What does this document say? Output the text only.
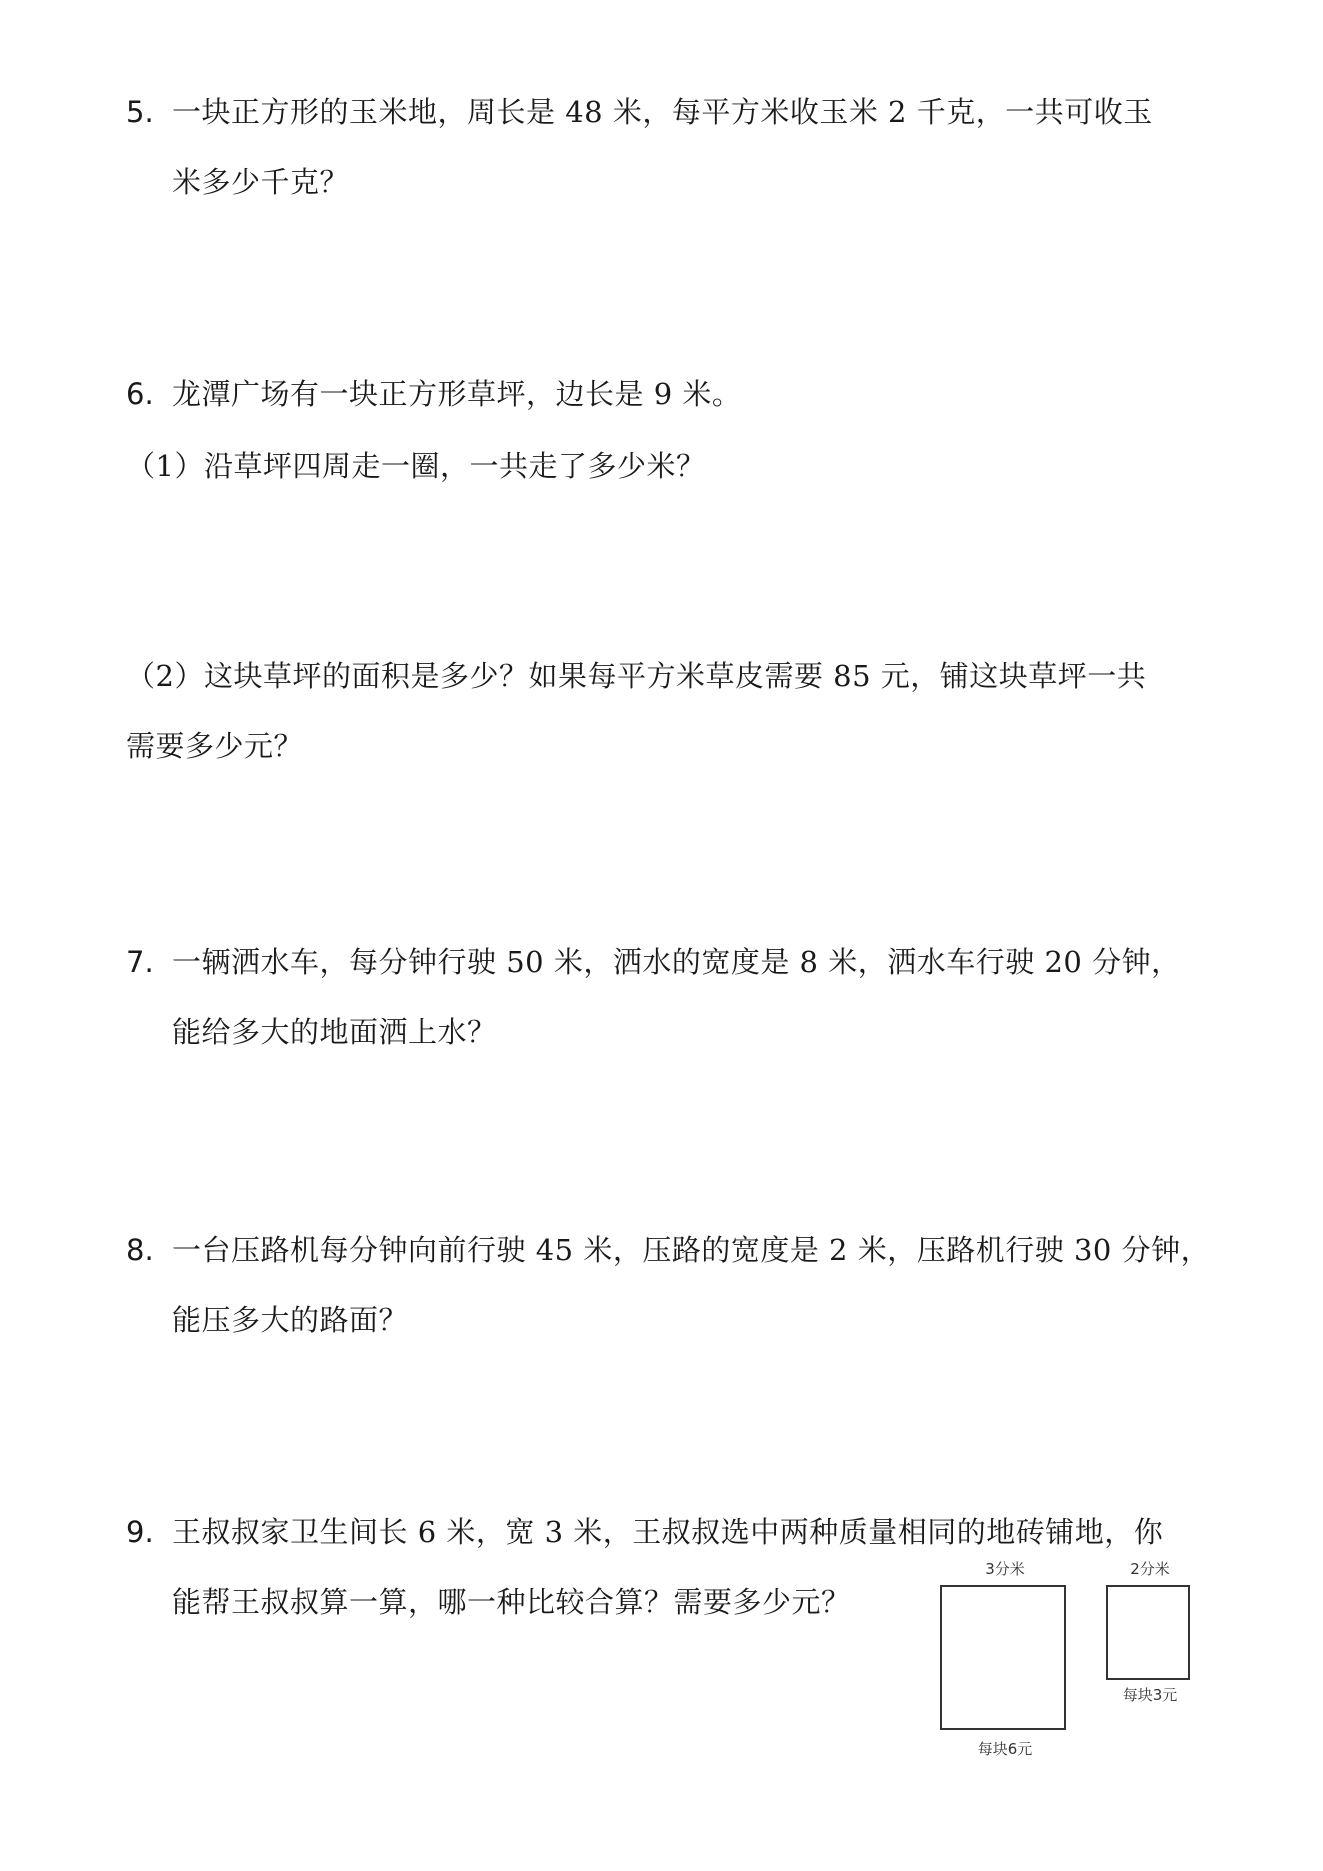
5. 一块正方形的玉米地，周长是 48 米，每平方米收玉米 2 千克，一共可收玉
米多少千克？
6. 龙潭广场有一块正方形草坪，边长是 9 米。
（1）沿草坪四周走一圈，一共走了多少米？
（2）这块草坪的面积是多少？如果每平方米草皮需要 85 元，铺这块草坪一共
需要多少元？
7. 一辆洒水车，每分钟行驶 50 米，洒水的宽度是 8 米，洒水车行驶 20 分钟，
能给多大的地面洒上水？
8. 一台压路机每分钟向前行驶 45 米，压路的宽度是 2 米，压路机行驶 30 分钟，
能压多大的路面？
9. 王叔叔家卫生间长 6 米，宽 3 米，王叔叔选中两种质量相同的地砖铺地，你
能帮王叔叔算一算，哪一种比较合算？需要多少元？
3分米
每块6元
2分米
每块3元
